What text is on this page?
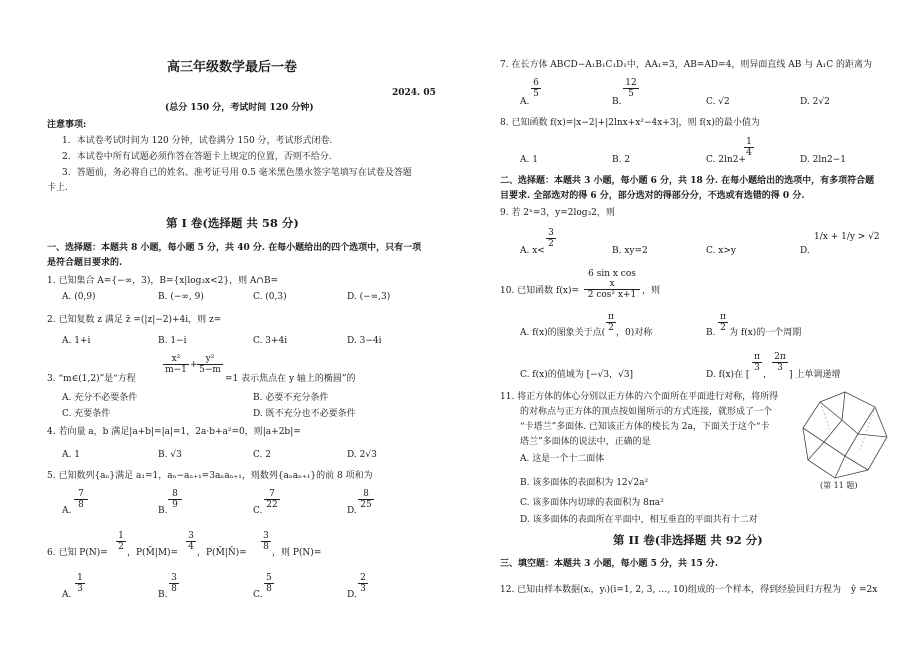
高三年级数学最后一卷
2024. 05
(总分 150 分，考试时间 120 分钟)
注意事项:
1．本试卷考试时间为 120 分钟，试卷满分 150 分，考试形式闭卷.
2．本试卷中所有试题必须作答在答题卡上规定的位置，否则不给分.
3．答题前，务必将自己的姓名、准考证号用 0.5 毫米黑色墨水签字笔填写在试卷及答题
卡上.
第 I 卷(选择题 共 58 分)
一、选择题：本题共 8 小题，每小题 5 分，共 40 分. 在每小题给出的四个选项中，只有一项
是符合题目要求的.
1. 已知集合 A={−∞，3)，B={x|log₃x<2}，则 A∩B=
A. (0,9)	B. (−∞, 9)	C. (0,3)	D. (−∞,3)
2. 已知复数 z 满足 z̄ =(|z|−2)+4i，则 z=
A. 1+i	B. 1−i	C. 3+4i	D. 3−4i
3. “m∈(1,2)”是“方程
$\frac{\text{x²}}{m-1} + \frac{\text{y²}}{5-m}$
=1 表示焦点在 y 轴上的椭圆”的
A. 充分不必要条件	B. 必要不充分条件
C. 充要条件	D. 既不充分也不必要条件
4. 若向量 a，b 满足|a+b|=|a|=1，2a·b+a²=0，则|a+2b|=
A. 1	B. √3	C. 2	D. 2√3
5. 已知数列{aₙ}满足 a₁=1，aₙ−aₙ₊₁=3aₙaₙ₊₁，则数列{aₙaₙ₊₁}的前 8 项和为
A.
$\frac{7}{8}$
B.
$\frac{8}{9}$
C.
$\frac{7}{22}$
D.
$\frac{8}{25}$
6. 已知 P(N)=
$\frac{1}{2}$
，P(M̄|M)=
$\frac{3}{4}$
，P(M̄|N̄)=
$\frac{3}{8}$
，则 P(N)=
A.
$\frac{1}{3}$
B.
$\frac{3}{8}$
C.
$\frac{5}{8}$
D.
$\frac{2}{3}$
7. 在长方体 ABCD−A₁B₁C₁D₁中，AA₁=3，AB=AD=4，则异面直线 AB 与 A₁C 的距离为
A.
$\frac{6}{5}$
B.
$\frac{12}{5}$
C. √2	D. 2√2
8. 已知函数 f(x)=|x−2|+|2lnx+x²−4x+3|，则 f(x)的最小值为
A. 1	B. 2	C. 2ln2+
$\frac{1}{4}$
D. 2ln2−1
二、选择题：本题共 3 小题，每小题 6 分，共 18 分. 在每小题给出的选项中，有多项符合题
目要求. 全部选对的得 6 分，部分选对的得部分分，不选或有选错的得 0 分.
9. 若 2ˣ=3，y=2log₃2，则
A. x<
$\frac{3}{2}$
B. xy=2	C. x>y	D.
1/x + 1/y > √2
10. 已知函数 $f(x)= \frac{\text{6 sin x cos x}}{\text{2 cos² x+1}}$ ，则
A. f(x)的图象关于点( $\frac{\pi}{2}$ ，0)对称	B. $\frac{\pi}{2}$ 为 f(x)的一个周期
C. f(x)的值域为 [−√3，√3]	D. f(x)在 [
$\frac{\pi}{3}$
，
$\frac{2\pi}{3}$
] 上单调递增
11. 将正方体的体心分别以正方体的六个面所在平面进行对称，将所得
的对称点与正方体的顶点按如图所示的方式连接，就形成了一个
“卡塔兰”多面体. 已知该正方体的棱长为 2a，下面关于这个“卡
塔兰”多面体的说法中，正确的是
A. 这是一个十二面体
B. 该多面体的表面积为 12√2a²
C. 该多面体内切球的表面积为 8πa²
D. 该多面体的表面所在平面中，相互垂直的平面共有十二对
(第 11 题)
第 II 卷(非选择题 共 92 分)
三、填空题：本题共 3 小题，每小题 5 分，共 15 分.
12. 已知由样本数据(xᵢ，yᵢ)(i=1, 2, 3, …, 10)组成的一个样本，得到经验回归方程为 ŷ =2x
